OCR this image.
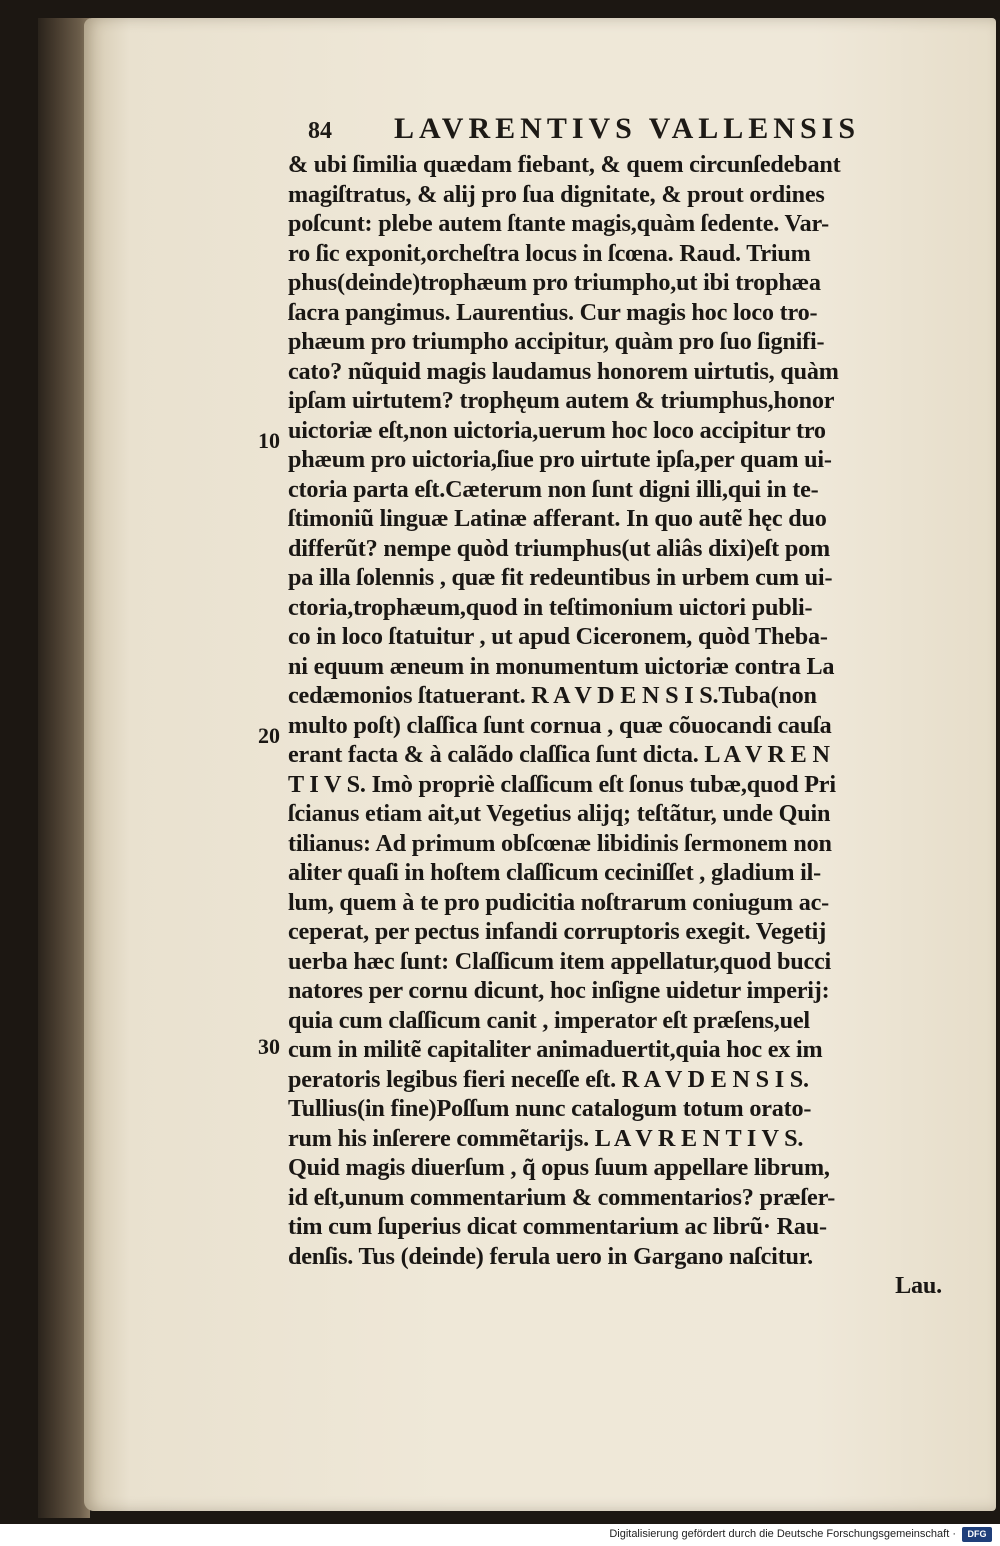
84 LAVRENTIVS VALLENSIS
10
20
30
& ubi ſimilia quædam fiebant, & quem circunſedebant
magiſtratus, & alij pro ſua dignitate, & prout ordines
poſcunt: plebe autem ſtante magis,quàm ſedente. Var-
ro ſic exponit,orcheſtra locus in ſcœna. Raud. Trium
phus(deinde)trophæum pro triumpho,ut ibi trophæa
ſacra pangimus. Laurentius. Cur magis hoc loco tro-
phæum pro triumpho accipitur, quàm pro ſuo ſignifi-
cato? nũquid magis laudamus honorem uirtutis, quàm
ipſam uirtutem? trophęum autem & triumphus,honor
uictoriæ eſt,non uictoria,uerum hoc loco accipitur tro
phæum pro uictoria,ſiue pro uirtute ipſa,per quam ui-
ctoria parta eſt.Cæterum non ſunt digni illi,qui in te-
ſtimoniũ linguæ Latinæ afferant. In quo autẽ hęc duo
differũt? nempe quòd triumphus(ut aliâs dixi)eſt pom
pa illa ſolennis , quæ fit redeuntibus in urbem cum ui-
ctoria,trophæum,quod in teſtimonium uictori publi-
co in loco ſtatuitur , ut apud Ciceronem, quòd Theba-
ni equum æneum in monumentum uictoriæ contra La
cedæmonios ſtatuerant. R A V D E N S I S.Tuba(non
multo poſt) claſſica ſunt cornua , quæ cõuocandi cauſa
erant facta & à calãdo claſſica ſunt dicta. L A V R E N
T I V S. Imò propriè claſſicum eſt ſonus tubæ,quod Pri
ſcianus etiam ait,ut Vegetius alijq; teſtãtur, unde Quin
tilianus: Ad primum obſcœnæ libidinis ſermonem non
aliter quaſi in hoſtem claſſicum ceciniſſet , gladium il-
lum, quem à te pro pudicitia noſtrarum coniugum ac-
ceperat, per pectus infandi corruptoris exegit. Vegetij
uerba hæc ſunt: Claſſicum item appellatur,quod bucci
natores per cornu dicunt, hoc inſigne uidetur imperij:
quia cum claſſicum canit , imperator eſt præſens,uel
cum in militẽ capitaliter animaduertit,quia hoc ex im
peratoris legibus fieri neceſſe eſt. R A V D E N S I S.
Tullius(in fine)Poſſum nunc catalogum totum orato-
rum his inſerere commẽtarijs. L A V R E N T I V S.
Quid magis diuerſum , q̃ opus ſuum appellare librum,
id eſt,unum commentarium & commentarios? præſer-
tim cum ſuperius dicat commentarium ac librũ· Rau-
denſis. Tus (deinde) ferula uero in Gargano naſcitur.
Lau.
Digitalisierung gefördert durch die Deutsche Forschungsgemeinschaft ·	DFG
